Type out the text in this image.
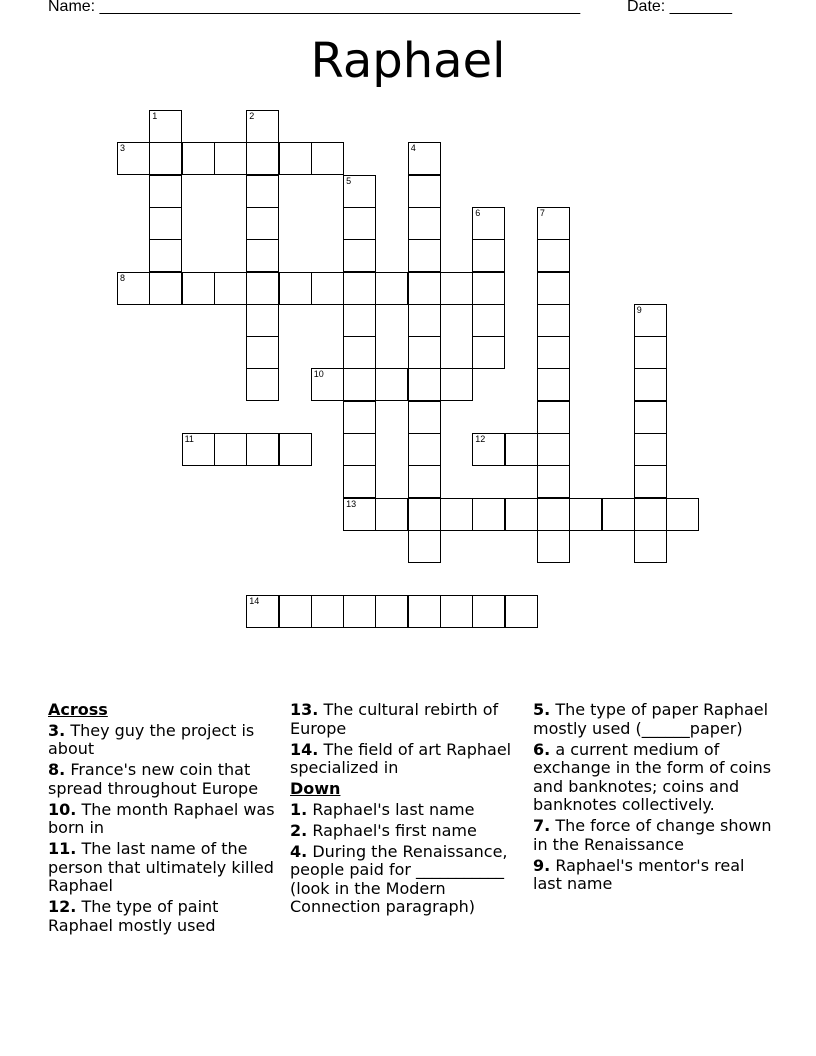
Name: ______________________________________________________	Date: _______
Raphael
1	2
3	4
5
6	7
8
9
10
11	12
13
14
Across
3. They guy the project is about
8. France's new coin that spread throughout Europe
10. The month Raphael was born in
11. The last name of the person that ultimately killed Raphael
12. The type of paint Raphael mostly used
13. The cultural rebirth of Europe
14. The field of art Raphael specialized in
Down
1. Raphael's last name
2. Raphael's first name
4. During the Renaissance, people paid for ___________ (look in the Modern Connection paragraph)
5. The type of paper Raphael mostly used (______paper)
6. a current medium of exchange in the form of coins and banknotes; coins and banknotes collectively.
7. The force of change shown in the Renaissance
9. Raphael's mentor's real last name
